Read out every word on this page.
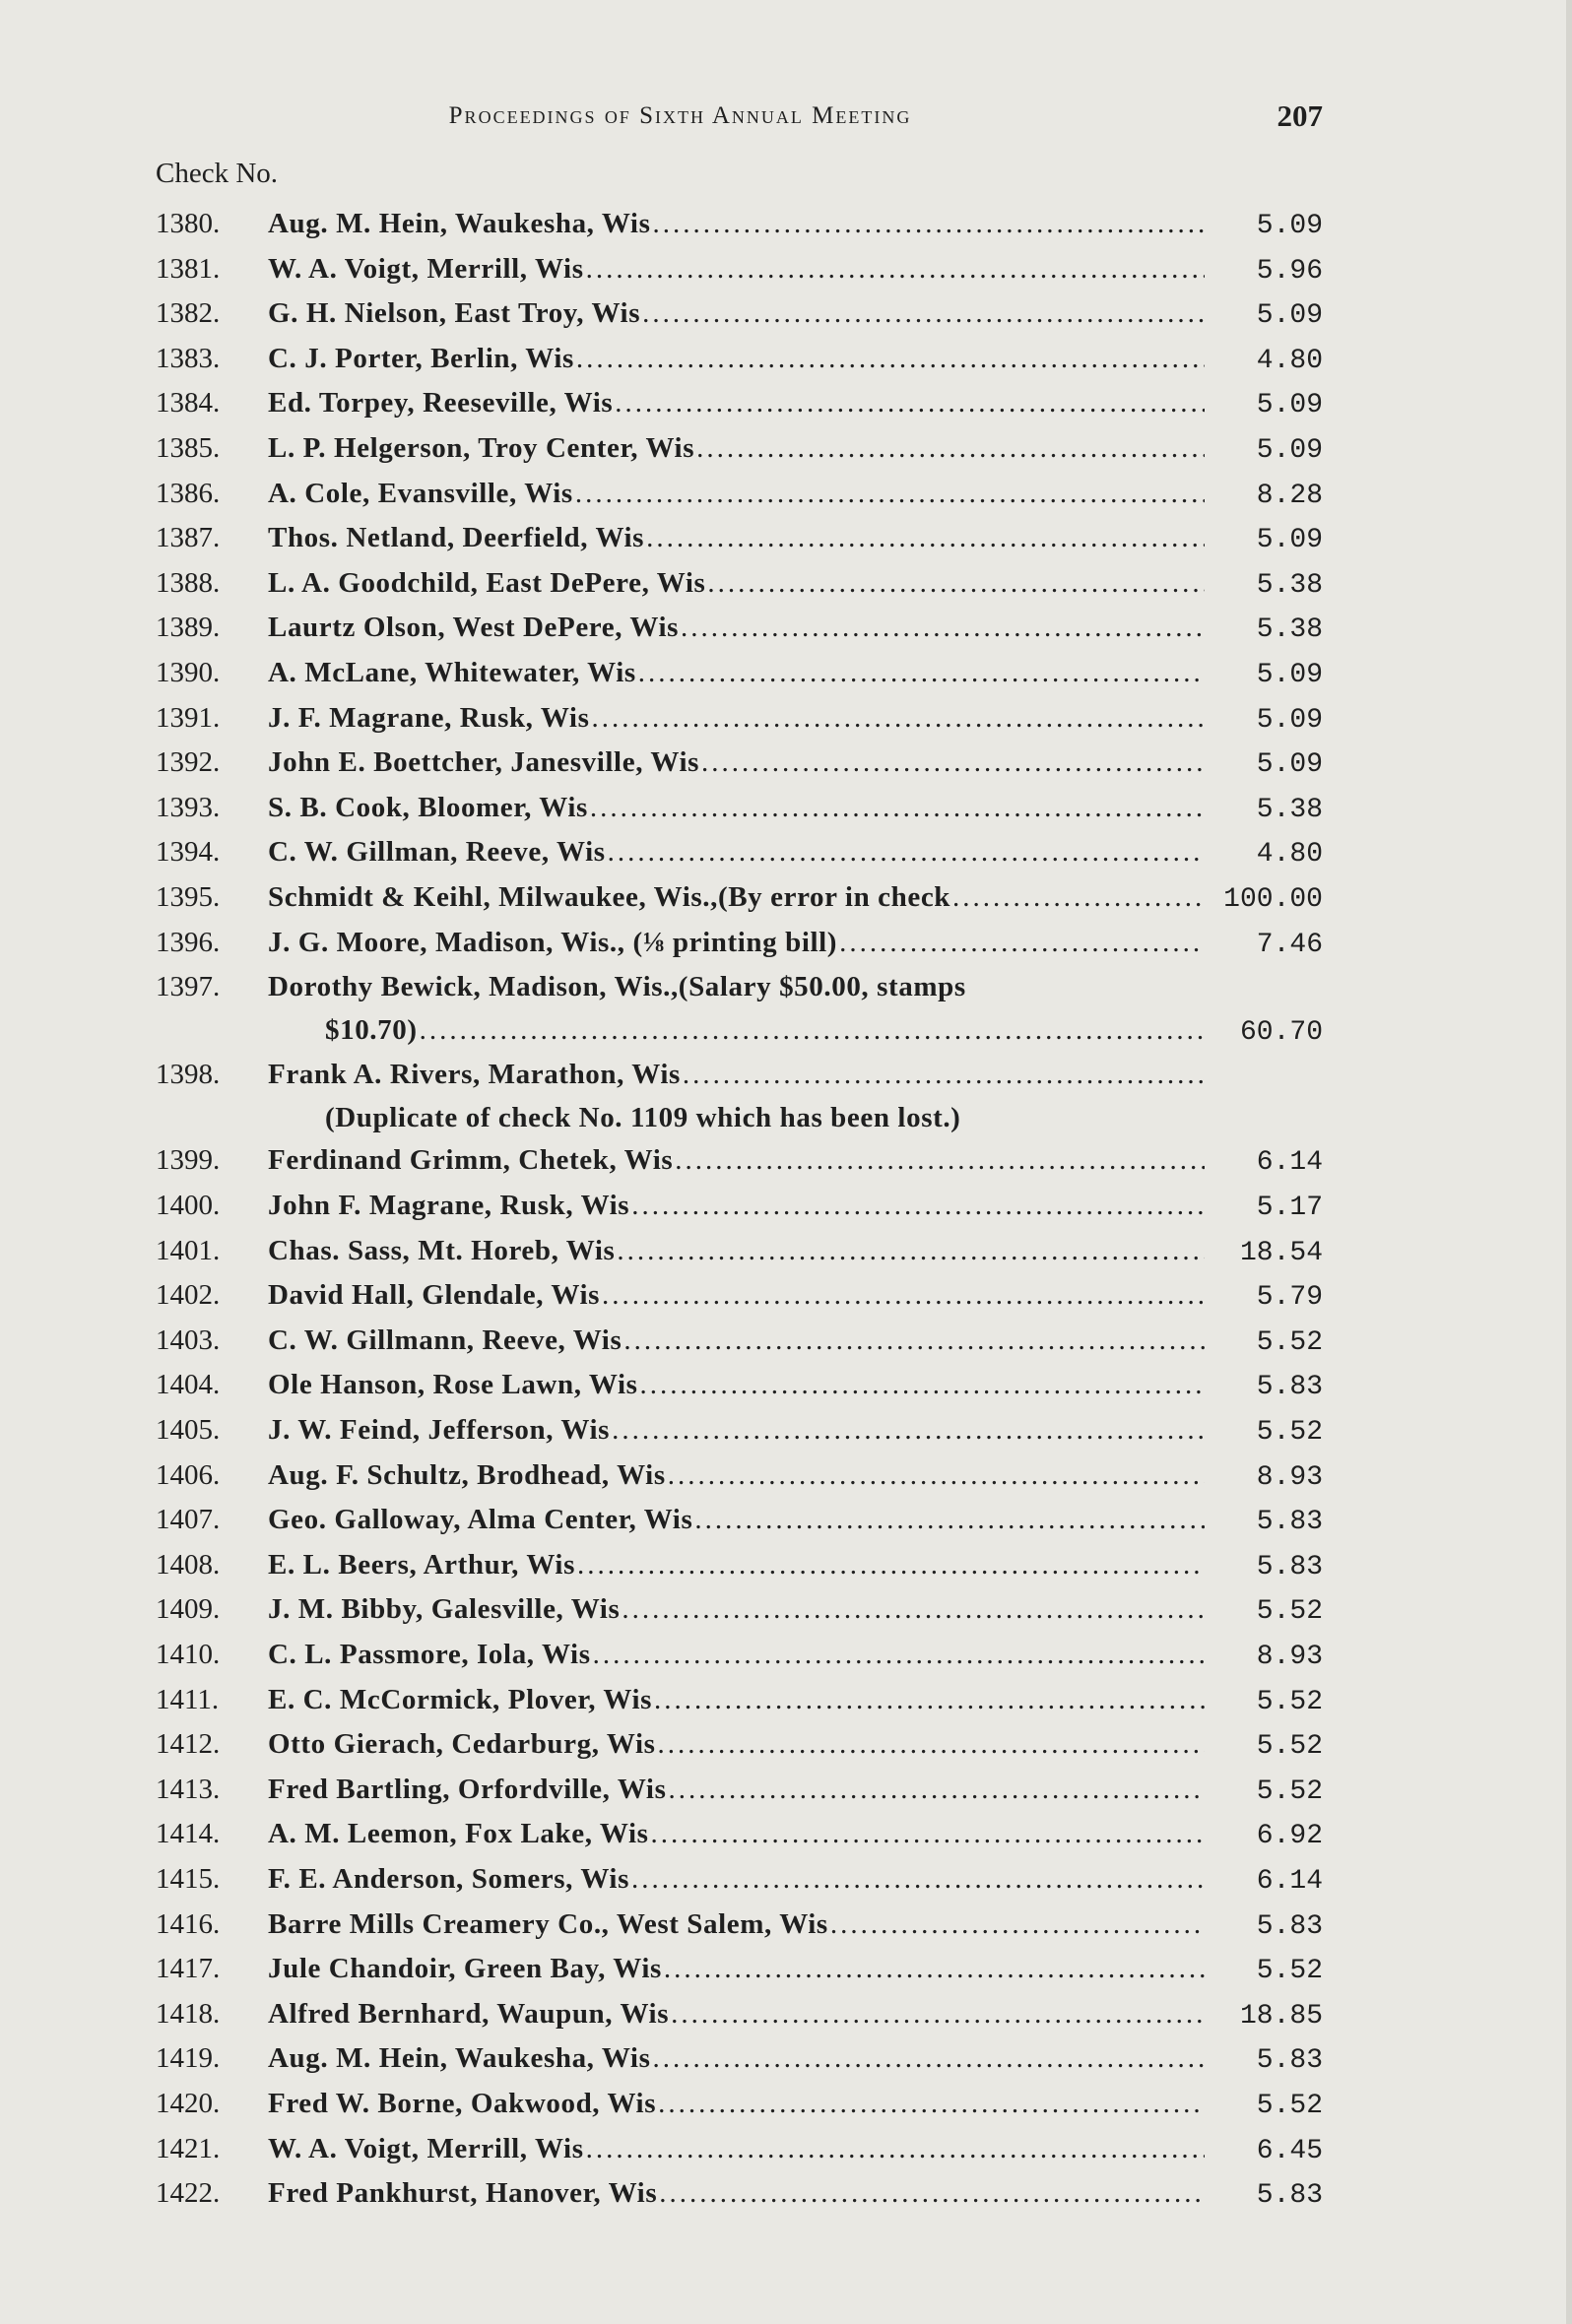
Proceedings of Sixth Annual Meeting	207
Check No.
1380.	Aug. M. Hein, Waukesha, Wis .....	5.09
1381.	W. A. Voigt, Merrill, Wis .....	5.96
1382.	G. H. Nielson, East Troy, Wis .....	5.09
1383.	C. J. Porter, Berlin, Wis .....	4.80
1384.	Ed. Torpey, Reeseville, Wis .....	5.09
1385.	L. P. Helgerson, Troy Center, Wis .....	5.09
1386.	A. Cole, Evansville, Wis .....	8.28
1387.	Thos. Netland, Deerfield, Wis .....	5.09
1388.	L. A. Goodchild, East DePere, Wis .....	5.38
1389.	Laurtz Olson, West DePere, Wis .....	5.38
1390.	A. McLane, Whitewater, Wis .....	5.09
1391.	J. F. Magrane, Rusk, Wis .....	5.09
1392.	John E. Boettcher, Janesville, Wis .....	5.09
1393.	S. B. Cook, Bloomer, Wis .....	5.38
1394.	C. W. Gillman, Reeve, Wis .....	4.80
1395.	Schmidt & Keihl, Milwaukee, Wis.,(By error in check .....	100.00
1396.	J. G. Moore, Madison, Wis., (⅛ printing bill) .....	7.46
1397.	Dorothy Bewick, Madison, Wis.,(Salary $50.00, stamps
$10.70) .....	60.70
1398.	Frank A. Rivers, Marathon, Wis
.....
(Duplicate of check No. 1109 which has been lost.)
1399.	Ferdinand Grimm, Chetek, Wis .....	6.14
1400.	John F. Magrane, Rusk, Wis .....	5.17
1401.	Chas. Sass, Mt. Horeb, Wis .....	18.54
1402.	David Hall, Glendale, Wis .....	5.79
1403.	C. W. Gillmann, Reeve, Wis .....	5.52
1404.	Ole Hanson, Rose Lawn, Wis .....	5.83
1405.	J. W. Feind, Jefferson, Wis .....	5.52
1406.	Aug. F. Schultz, Brodhead, Wis .....	8.93
1407.	Geo. Galloway, Alma Center, Wis .....	5.83
1408.	E. L. Beers, Arthur, Wis .....	5.83
1409.	J. M. Bibby, Galesville, Wis .....	5.52
1410.	C. L. Passmore, Iola, Wis .....	8.93
1411.	E. C. McCormick, Plover, Wis .....	5.52
1412.	Otto Gierach, Cedarburg, Wis .....	5.52
1413.	Fred Bartling, Orfordville, Wis .....	5.52
1414.	A. M. Leemon, Fox Lake, Wis .....	6.92
1415.	F. E. Anderson, Somers, Wis .....	6.14
1416.	Barre Mills Creamery Co., West Salem, Wis .....	5.83
1417.	Jule Chandoir, Green Bay, Wis .....	5.52
1418.	Alfred Bernhard, Waupun, Wis .....	18.85
1419.	Aug. M. Hein, Waukesha, Wis .....	5.83
1420.	Fred W. Borne, Oakwood, Wis .....	5.52
1421.	W. A. Voigt, Merrill, Wis .....	6.45
1422.	Fred Pankhurst, Hanover, Wis .....	5.83
